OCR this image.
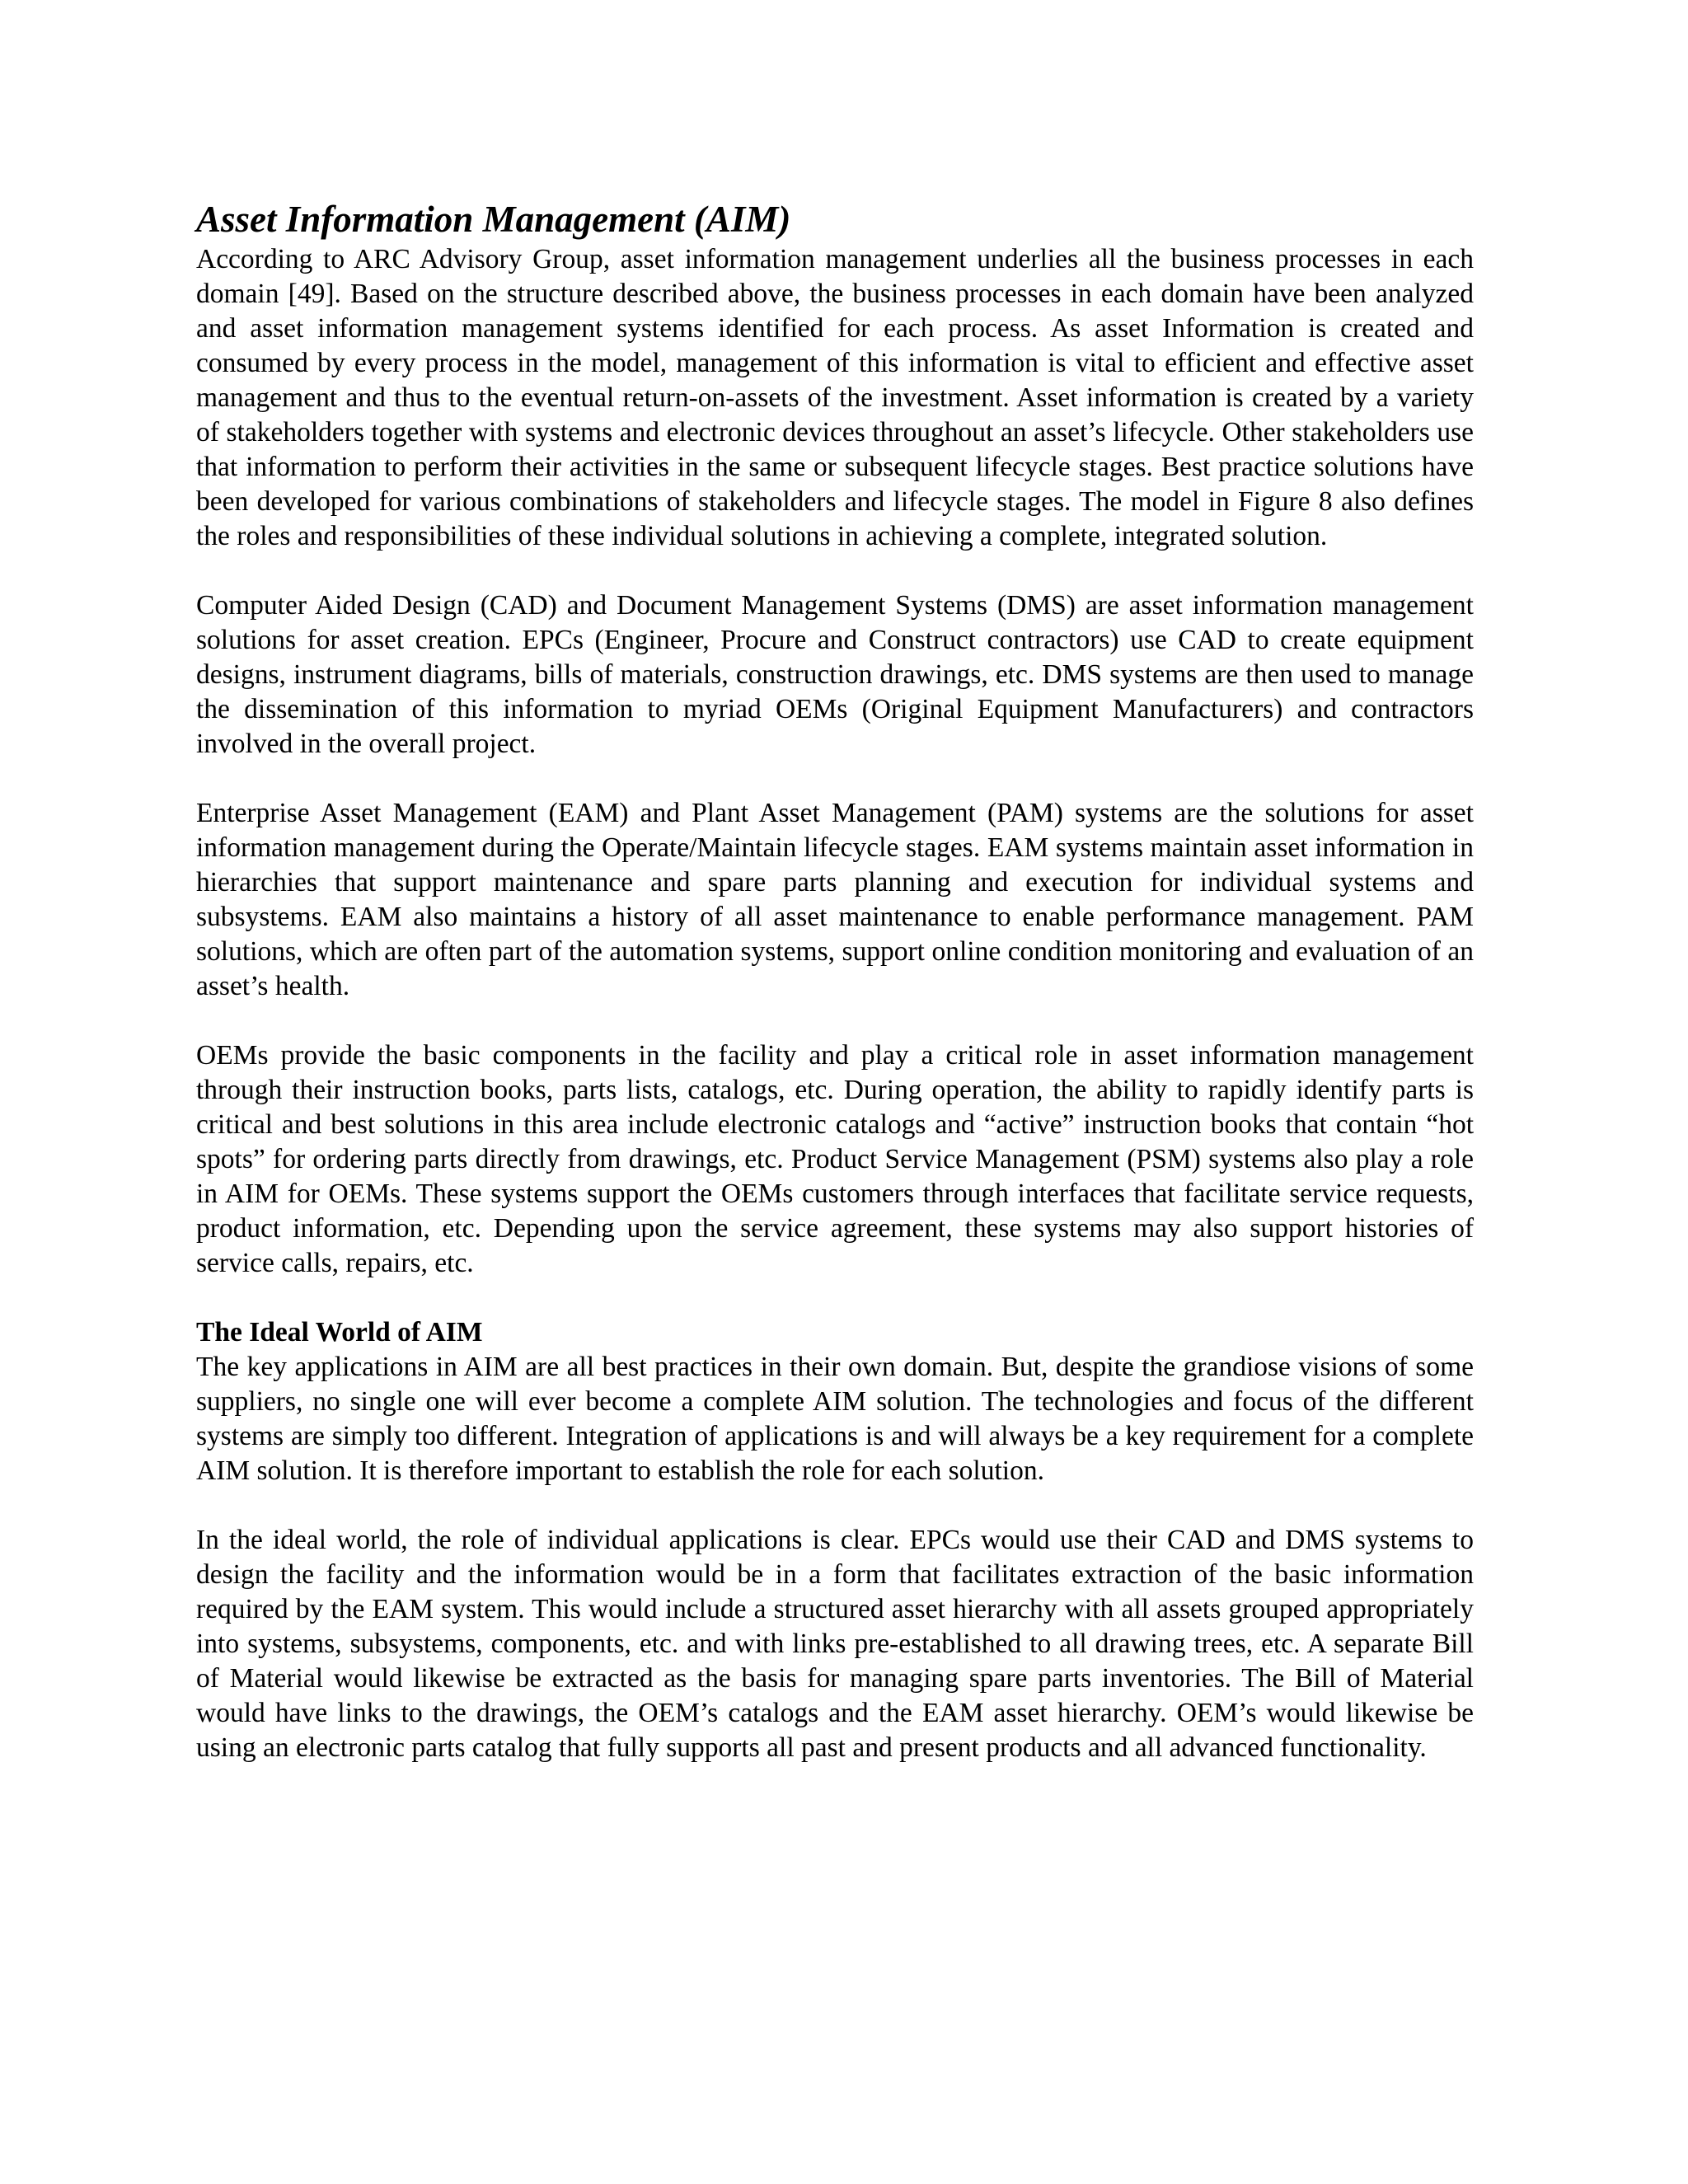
Asset Information Management (AIM)

According to ARC Advisory Group, asset information management underlies all the business processes in each domain [49]. Based on the structure described above, the business processes in each domain have been analyzed and asset information management systems identified for each process. As asset Information is created and consumed by every process in the model, management of this information is vital to efficient and effective asset management and thus to the eventual return-on-assets of the investment. Asset information is created by a variety of stakeholders together with systems and electronic devices throughout an asset’s lifecycle. Other stakeholders use that information to perform their activities in the same or subsequent lifecycle stages. Best practice solutions have been developed for various combinations of stakeholders and lifecycle stages. The model in Figure 8 also defines the roles and responsibilities of these individual solutions in achieving a complete, integrated solution.

Computer Aided Design (CAD) and Document Management Systems (DMS) are asset information management solutions for asset creation. EPCs (Engineer, Procure and Construct contractors) use CAD to create equipment designs, instrument diagrams, bills of materials, construction drawings, etc. DMS systems are then used to manage the dissemination of this information to myriad OEMs (Original Equipment Manufacturers) and contractors involved in the overall project.

Enterprise Asset Management (EAM) and Plant Asset Management (PAM) systems are the solutions for asset information management during the Operate/Maintain lifecycle stages. EAM systems maintain asset information in hierarchies that support maintenance and spare parts planning and execution for individual systems and subsystems. EAM also maintains a history of all asset maintenance to enable performance management. PAM solutions, which are often part of the automation systems, support online condition monitoring and evaluation of an asset’s health.

OEMs provide the basic components in the facility and play a critical role in asset information management through their instruction books, parts lists, catalogs, etc. During operation, the ability to rapidly identify parts is critical and best solutions in this area include electronic catalogs and “active” instruction books that contain “hot spots” for ordering parts directly from drawings, etc. Product Service Management (PSM) systems also play a role in AIM for OEMs. These systems support the OEMs customers through interfaces that facilitate service requests, product information, etc. Depending upon the service agreement, these systems may also support histories of service calls, repairs, etc.

The Ideal World of AIM

The key applications in AIM are all best practices in their own domain. But, despite the grandiose visions of some suppliers, no single one will ever become a complete AIM solution. The technologies and focus of the different systems are simply too different. Integration of applications is and will always be a key requirement for a complete AIM solution. It is therefore important to establish the role for each solution.

In the ideal world, the role of individual applications is clear. EPCs would use their CAD and DMS systems to design the facility and the information would be in a form that facilitates extraction of the basic information required by the EAM system. This would include a structured asset hierarchy with all assets grouped appropriately into systems, subsystems, components, etc. and with links pre-established to all drawing trees, etc. A separate Bill of Material would likewise be extracted as the basis for managing spare parts inventories. The Bill of Material would have links to the drawings, the OEM’s catalogs and the EAM asset hierarchy. OEM’s would likewise be using an electronic parts catalog that fully supports all past and present products and all advanced functionality.
